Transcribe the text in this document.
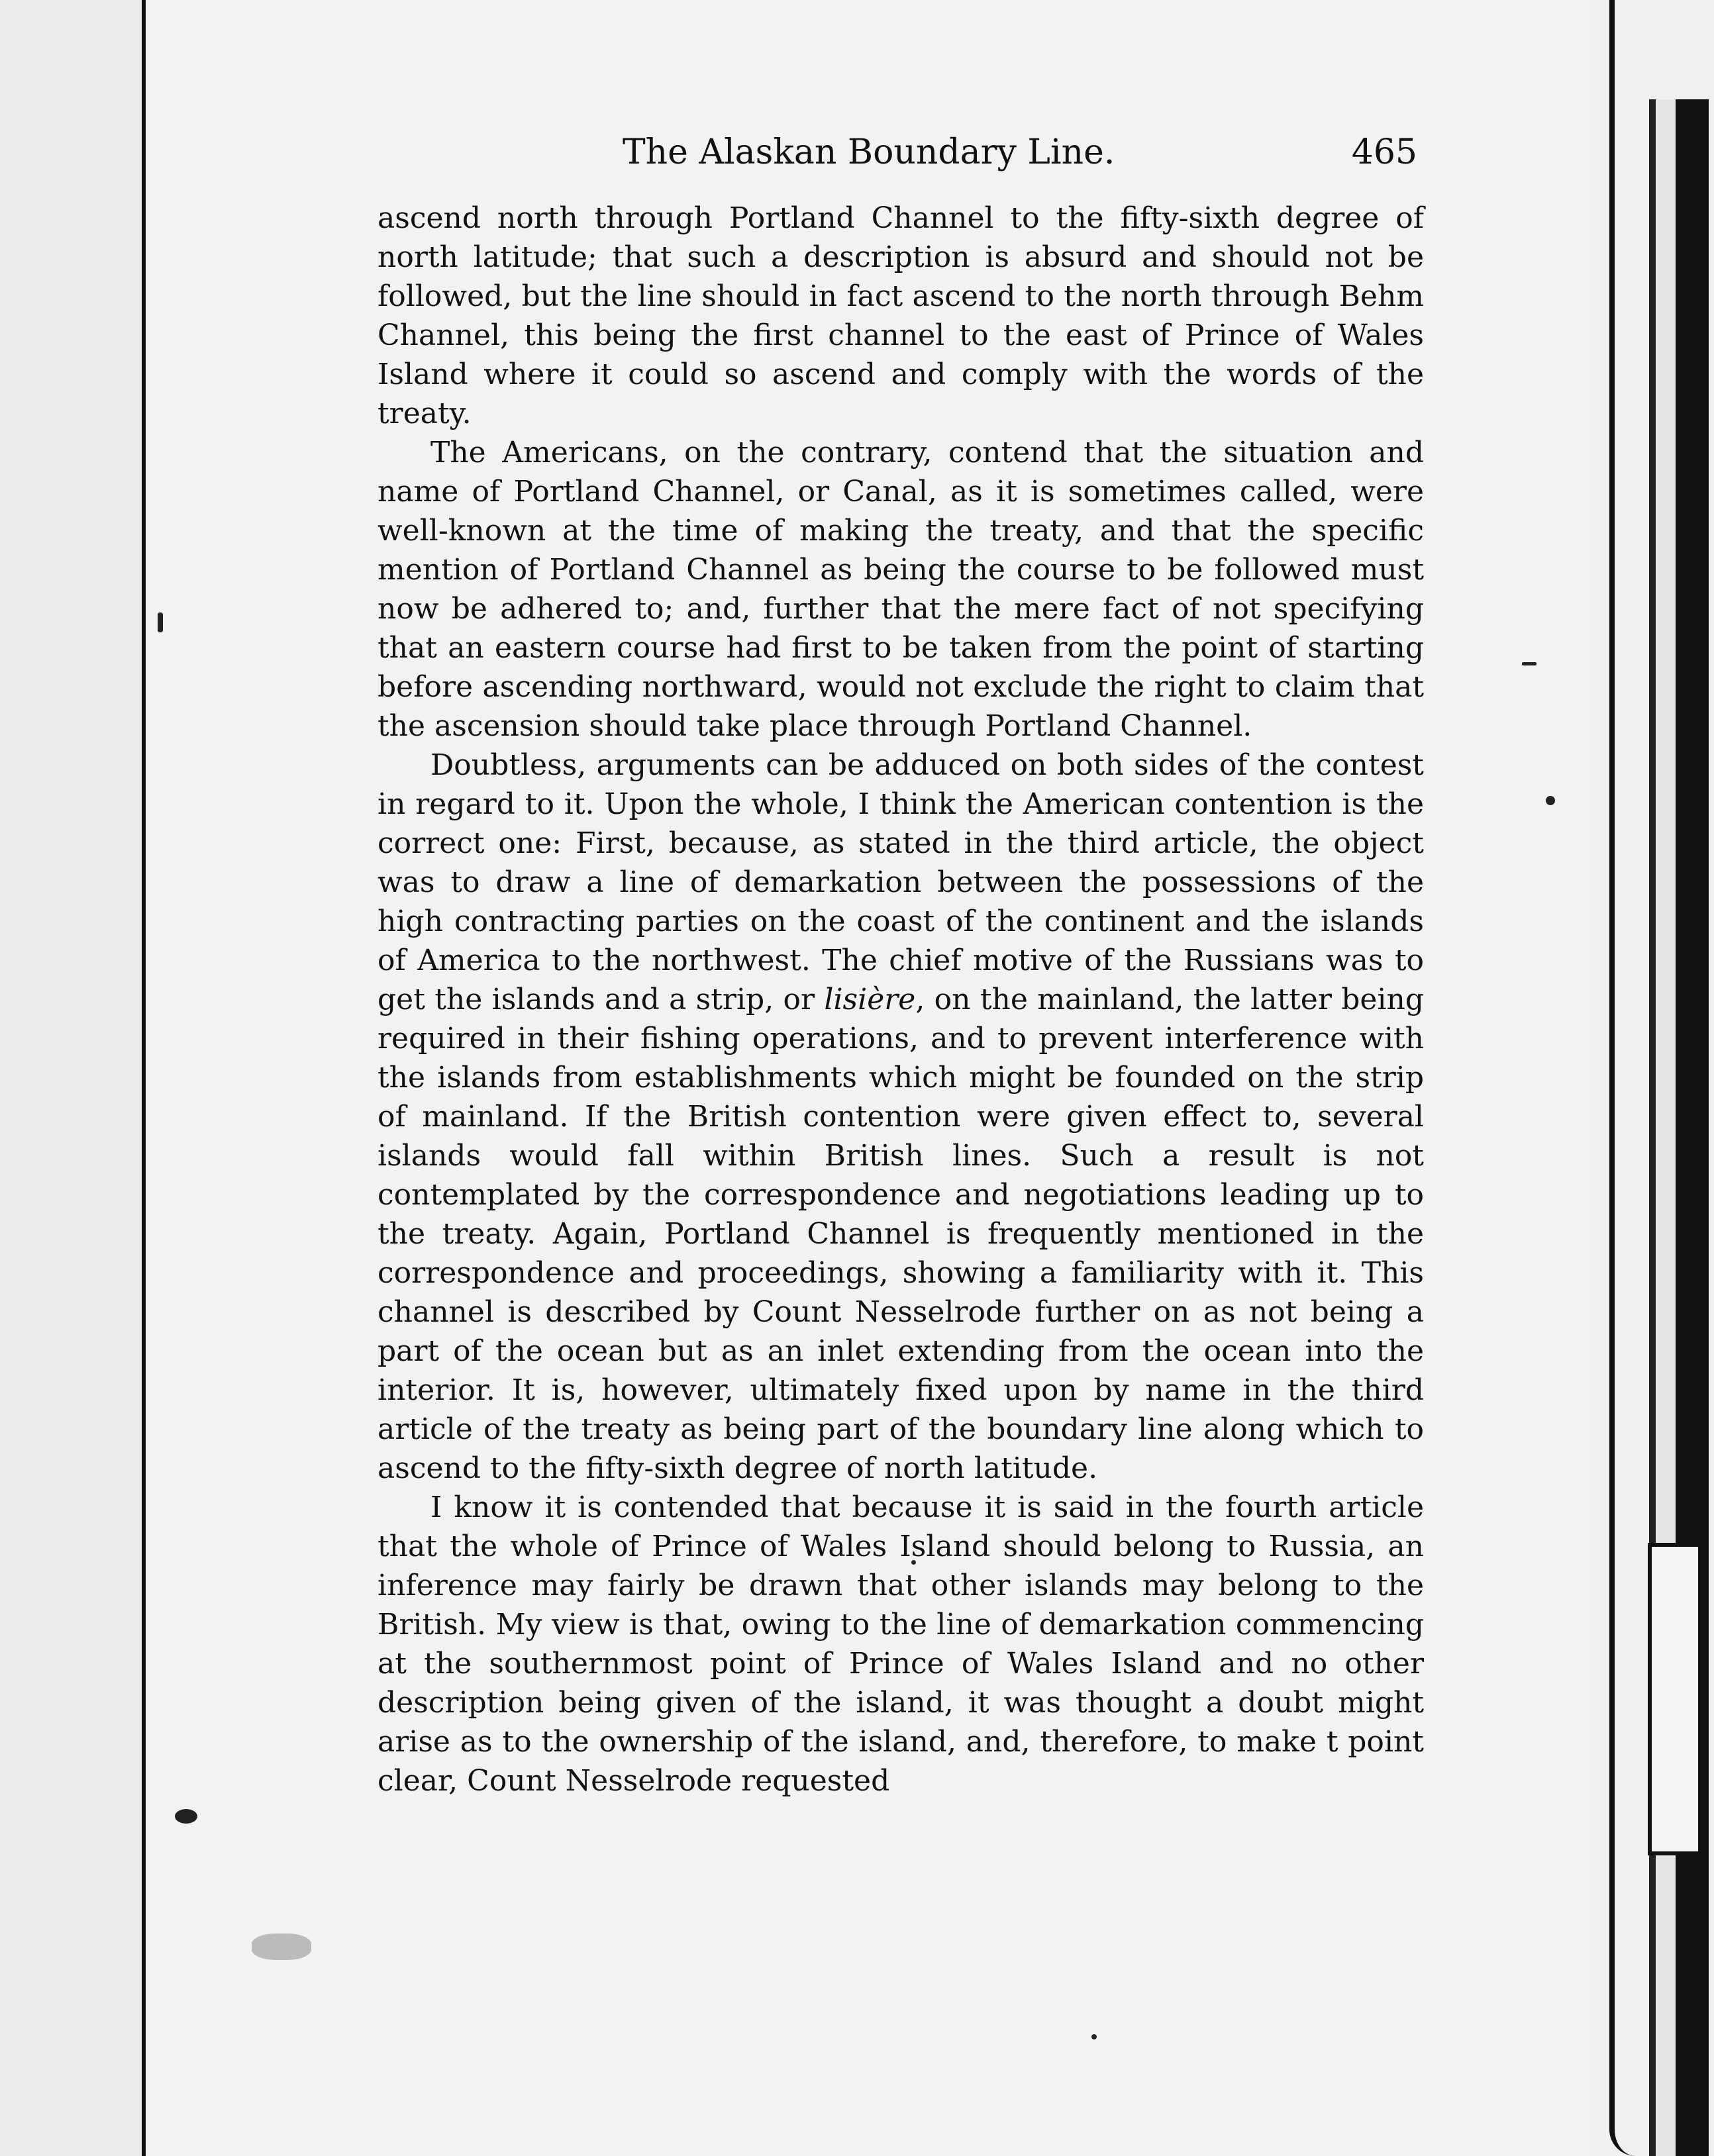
The Alaskan Boundary Line.	465

ascend north through Portland Channel to the fifty-sixth degree of north latitude; that such a description is absurd and should not be followed, but the line should in fact ascend to the north through Behm Channel, this being the first channel to the east of Prince of Wales Island where it could so ascend and comply with the words of the treaty.

The Americans, on the contrary, contend that the situation and name of Portland Channel, or Canal, as it is sometimes called, were well-known at the time of making the treaty, and that the specific mention of Portland Channel as being the course to be followed must now be adhered to; and, further that the mere fact of not specifying that an eastern course had first to be taken from the point of starting before ascending northward, would not exclude the right to claim that the ascension should take place through Portland Channel.

Doubtless, arguments can be adduced on both sides of the contest in regard to it. Upon the whole, I think the American contention is the correct one: First, because, as stated in the third article, the object was to draw a line of demarkation between the possessions of the high contracting parties on the coast of the continent and the islands of America to the northwest. The chief motive of the Russians was to get the islands and a strip, or lisière, on the mainland, the latter being required in their fishing operations, and to prevent interference with the islands from establishments which might be founded on the strip of mainland. If the British contention were given effect to, several islands would fall within British lines. Such a result is not contemplated by the correspondence and negotiations leading up to the treaty. Again, Portland Channel is frequently mentioned in the correspondence and proceedings, showing a familiarity with it. This channel is described by Count Nesselrode further on as not being a part of the ocean but as an inlet extending from the ocean into the interior. It is, however, ultimately fixed upon by name in the third article of the treaty as being part of the boundary line along which to ascend to the fifty-sixth degree of north latitude.

I know it is contended that because it is said in the fourth article that the whole of Prince of Wales Island should belong to Russia, an inference may fairly be drawn that other islands may belong to the British. My view is that, owing to the line of demarkation commencing at the southernmost point of Prince of Wales Island and no other description being given of the island, it was thought a doubt might arise as to the ownership of the island, and, therefore, to make t point clear, Count Nesselrode requested
